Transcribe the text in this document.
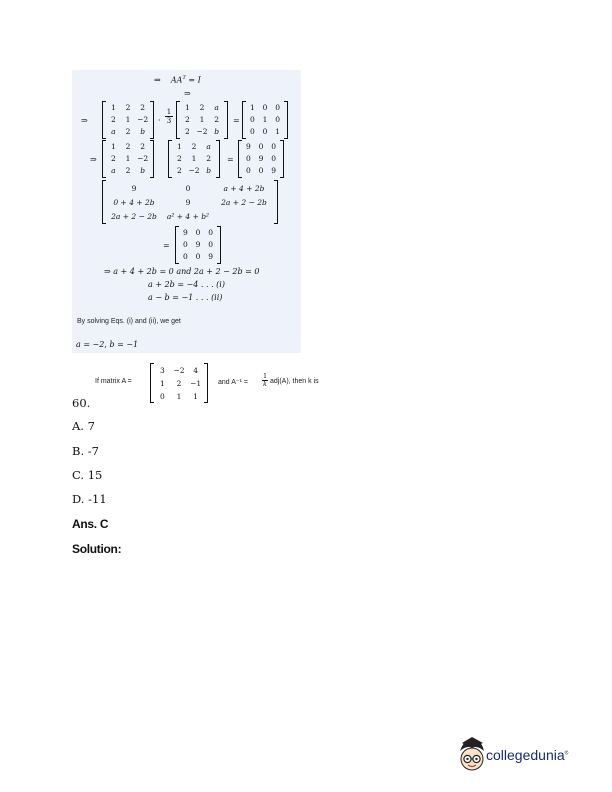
⇒    $AA^T = I$
⇒
⇒
1	2	2
2	1 −2
a	2	b
·
1
3
1	2	a
2	1	2
2 −2 b
=
1	0	0
0	1	0
0	0	1
⇒
1	2	2
2	1 −2
a	2	b
1	2	a
2	1	2
2 −2 b
=
9	0	0
0	9	0
0	0	9
9	0	a + 4 + 2b
0 + 4 + 2b	9	2a + 2 − 2b
2a + 2 − 2b	a² + 4 + b²
=
9	0	0
0	9	0
0	0	9
⇒ a + 4 + 2b = 0 and 2a + 2 − 2b = 0
a + 2b = −4 . . . (i)
a − b = −1 . . . (ii)
By solving Eqs. (i) and (ii), we get
a = −2, b = −1
If matrix A =
3	−2	4
1	2	−1
0	1	1
and A⁻¹ =
1
k adj(A), then k is
60.
A. 7
B. -7
C. 15
D. -11
Ans. C
Solution:
collegedunia®
